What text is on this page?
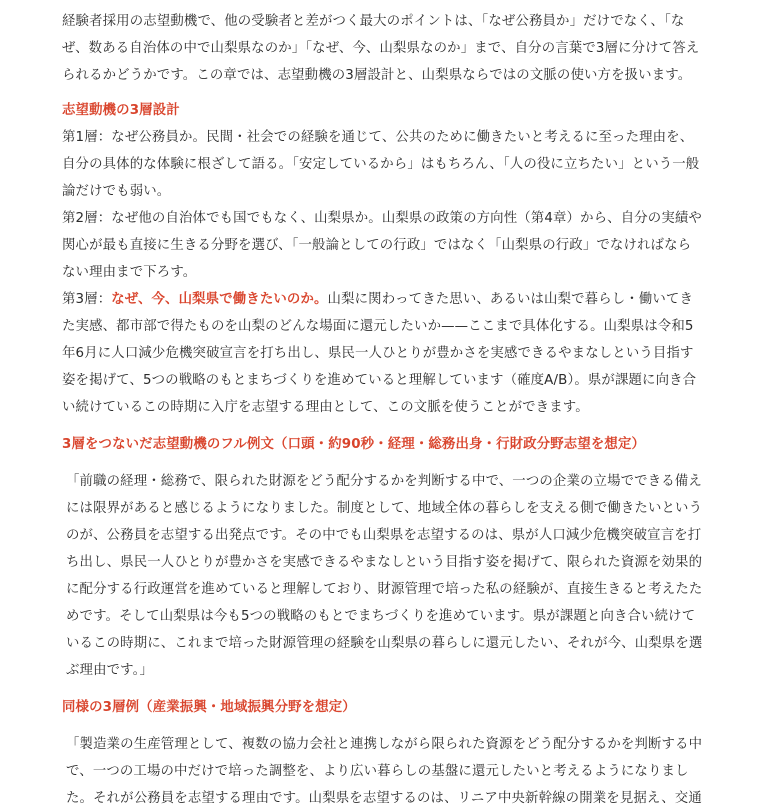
経験者採用の志望動機で、他の受験者と差がつく最大のポイントは、「なぜ公務員か」だけでなく、「なぜ、数ある自治体の中で山梨県なのか」「なぜ、今、山梨県なのか」まで、自分の言葉で3層に分けて答えられるかどうかです。この章では、志望動機の3層設計と、山梨県ならではの文脈の使い方を扱います。

志望動機の3層設計

第1層：なぜ公務員か。民間・社会での経験を通じて、公共のために働きたいと考えるに至った理由を、自分の具体的な体験に根ざして語る。「安定しているから」はもちろん、「人の役に立ちたい」という一般論だけでも弱い。

第2層：なぜ他の自治体でも国でもなく、山梨県か。山梨県の政策の方向性（第4章）から、自分の実績や関心が最も直接に生きる分野を選び、「一般論としての行政」ではなく「山梨県の行政」でなければならない理由まで下ろす。

第3層：なぜ、今、山梨県で働きたいのか。山梨に関わってきた思い、あるいは山梨で暮らし・働いてきた実感、都市部で得たものを山梨のどんな場面に還元したいか——ここまで具体化する。山梨県は令和5年6月に人口減少危機突破宣言を打ち出し、県民一人ひとりが豊かさを実感できるやまなしという目指す姿を掲げて、5つの戦略のもとまちづくりを進めていると理解しています（確度A/B）。県が課題に向き合い続けているこの時期に入庁を志望する理由として、この文脈を使うことができます。

3層をつないだ志望動機のフル例文（口頭・約90秒・経理・総務出身・行財政分野志望を想定）

「前職の経理・総務で、限られた財源をどう配分するかを判断する中で、一つの企業の立場でできる備えには限界があると感じるようになりました。制度として、地域全体の暮らしを支える側で働きたいというのが、公務員を志望する出発点です。その中でも山梨県を志望するのは、県が人口減少危機突破宣言を打ち出し、県民一人ひとりが豊かさを実感できるやまなしという目指す姿を掲げて、限られた資源を効果的に配分する行政運営を進めていると理解しており、財源管理で培った私の経験が、直接生きると考えたためです。そして山梨県は今も5つの戦略のもとでまちづくりを進めています。県が課題と向き合い続けているこの時期に、これまで培った財源管理の経験を山梨県の暮らしに還元したい、それが今、山梨県を選ぶ理由です。」

同様の3層例（産業振興・地域振興分野を想定）

「製造業の生産管理として、複数の協力会社と連携しながら限られた資源をどう配分するかを判断する中で、一つの工場の中だけで培った調整を、より広い暮らしの基盤に還元したいと考えるようになりました。それが公務員を志望する理由です。山梨県を志望するのは、リニア中央新幹線の開業を見据え、交通
